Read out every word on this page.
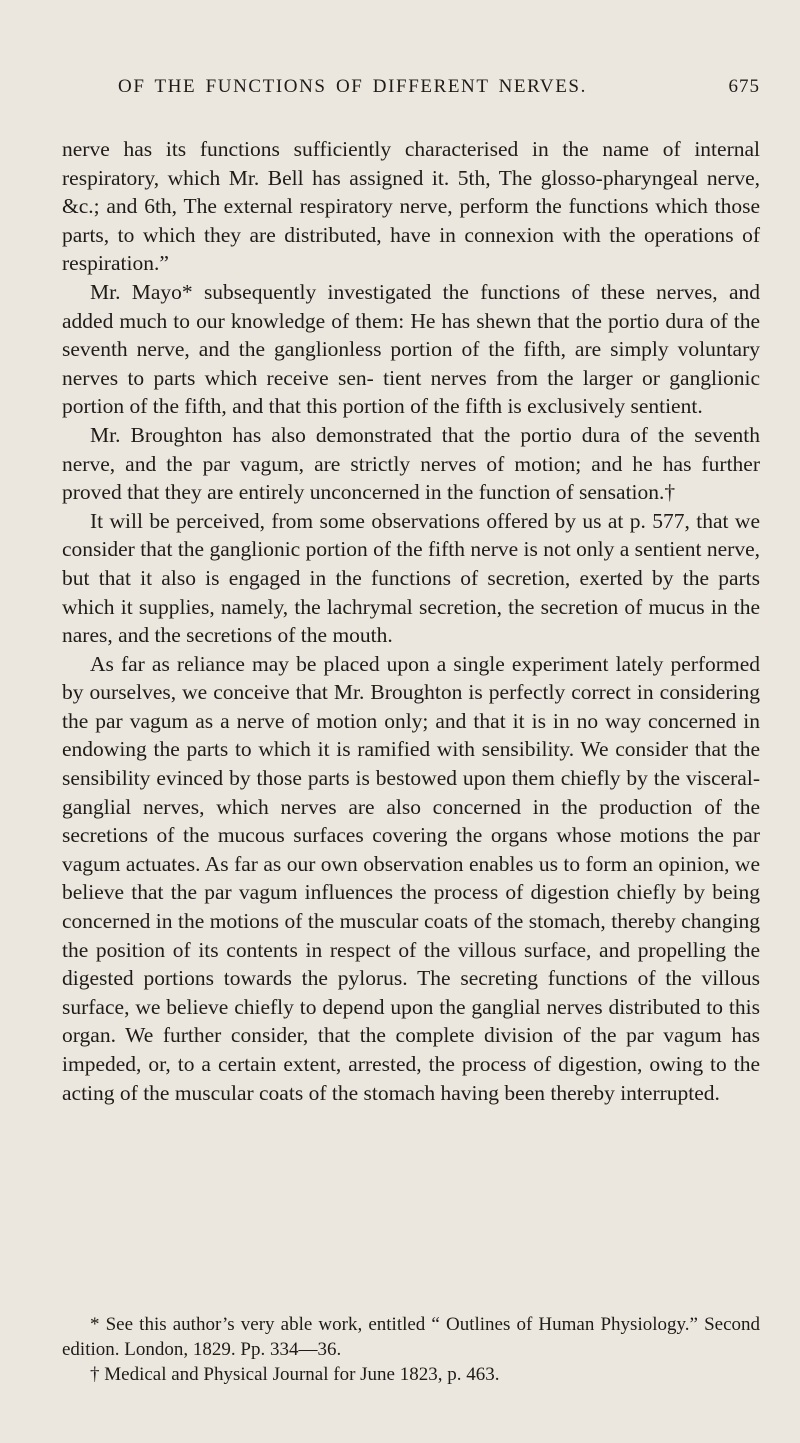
OF THE FUNCTIONS OF DIFFERENT NERVES.	675

nerve has its functions sufficiently characterised in the name of internal respiratory, which Mr. Bell has assigned it. 5th, The glosso-pharyngeal nerve, &c.; and 6th, The external respiratory nerve, perform the functions which those parts, to which they are distributed, have in connexion with the operations of respiration.”

Mr. Mayo* subsequently investigated the functions of these nerves, and added much to our knowledge of them: He has shewn that the portio dura of the seventh nerve, and the ganglionless portion of the fifth, are simply voluntary nerves to parts which receive sen- tient nerves from the larger or ganglionic portion of the fifth, and that this portion of the fifth is exclusively sentient.

Mr. Broughton has also demonstrated that the portio dura of the seventh nerve, and the par vagum, are strictly nerves of motion; and he has further proved that they are entirely unconcerned in the function of sensation.†

It will be perceived, from some observations offered by us at p. 577, that we consider that the ganglionic portion of the fifth nerve is not only a sentient nerve, but that it also is engaged in the functions of secretion, exerted by the parts which it supplies, namely, the lachrymal secretion, the secretion of mucus in the nares, and the secretions of the mouth.

As far as reliance may be placed upon a single experiment lately performed by ourselves, we conceive that Mr. Broughton is perfectly correct in considering the par vagum as a nerve of motion only; and that it is in no way concerned in endowing the parts to which it is ramified with sensibility. We consider that the sensibility evinced by those parts is bestowed upon them chiefly by the visceral-ganglial nerves, which nerves are also concerned in the production of the secretions of the mucous surfaces covering the organs whose motions the par vagum actuates. As far as our own observation enables us to form an opinion, we believe that the par vagum influences the process of digestion chiefly by being concerned in the motions of the muscular coats of the stomach, thereby changing the position of its contents in respect of the villous surface, and propelling the digested portions towards the pylorus. The secreting functions of the villous surface, we believe chiefly to depend upon the ganglial nerves distributed to this organ. We further consider, that the complete division of the par vagum has impeded, or, to a certain extent, arrested, the process of digestion, owing to the acting of the muscular coats of the stomach having been thereby interrupted.

* See this author’s very able work, entitled “ Outlines of Human Physiology.” Second edition. London, 1829. Pp. 334—36.

† Medical and Physical Journal for June 1823, p. 463.
